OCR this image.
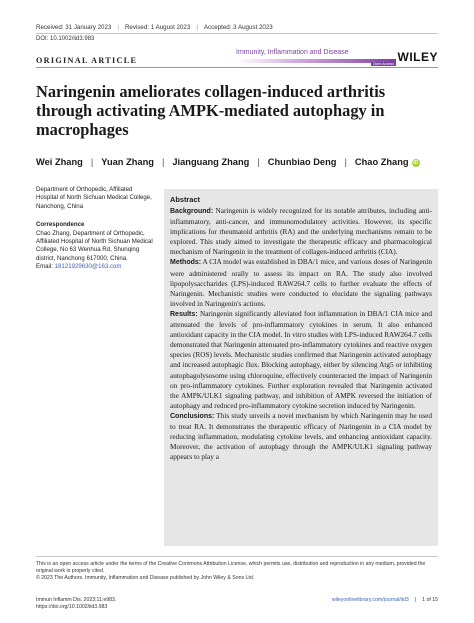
Received: 31 January 2023 | Revised: 1 August 2023 | Accepted: 3 August 2023
DOI: 10.1002/iid3.983
ORIGINAL ARTICLE
Immunity, Inflammation and Disease
Open Access WILEY
Naringenin ameliorates collagen-induced arthritis through activating AMPK-mediated autophagy in macrophages
Wei Zhang | Yuan Zhang | Jianguang Zhang | Chunbiao Deng | Chao Zhang iD
Department of Orthopedic, Affiliated Hospital of North Sichuan Medical College, Nanchong, China
Correspondence
Chao Zhang, Department of Orthopedic, Affiliated Hospital of North Sichuan Medical College, No 63 Wenhua Rd, Shunqing district, Nanchong 617000, China.
Email: 18121929630@163.com
Abstract

Background: Naringenin is widely recognized for its notable attributes, including anti-inflammatory, anti-cancer, and immunomodulatory activities. However, its specific implications for rheumatoid arthritis (RA) and the underlying mechanisms remain to be explored. This study aimed to investigate the therapeutic efficacy and pharmacological mechanism of Naringenin in the treatment of collagen-induced arthritis (CIA).

Methods: A CIA model was established in DBA/1 mice, and various doses of Naringenin were administered orally to assess its impact on RA. The study also involved lipopolysaccharides (LPS)-induced RAW264.7 cells to further evaluate the effects of Naringenin. Mechanistic studies were conducted to elucidate the signaling pathways involved in Naringenin's actions.

Results: Naringenin significantly alleviated foot inflammation in DBA/1 CIA mice and attenuated the levels of pro-inflammatory cytokines in serum. It also enhanced antioxidant capacity in the CIA model. In vitro studies with LPS-induced RAW264.7 cells demonstrated that Naringenin attenuated pro-inflammatory cytokines and reactive oxygen species (ROS) levels. Mechanistic studies confirmed that Naringenin activated autophagy and increased autophagic flux. Blocking autophagy, either by silencing Atg5 or inhibiting autophagolysosome using chloroquine, effectively counteracted the impact of Naringenin on pro-inflammatory cytokines. Further exploration revealed that Naringenin activated the AMPK/ULK1 signaling pathway, and inhibition of AMPK reversed the initiation of autophagy and reduced pro-inflammatory cytokine secretion induced by Naringenin.

Conclusions: This study unveils a novel mechanism by which Naringenin may be used to treat RA. It demonstrates the therapeutic efficacy of Naringenin in a CIA model by reducing inflammation, modulating cytokine levels, and enhancing antioxidant capacity. Moreover, the activation of autophagy through the AMPK/ULK1 signaling pathway appears to play a

This is an open access article under the terms of the Creative Commons Attribution License, which permits use, distribution and reproduction in any medium, provided the original work is properly cited.
© 2023 The Authors. Immunity, Inflammation and Disease published by John Wiley & Sons Ltd.
Immun Inflamm Dis. 2023;11:e983.
https://doi.org/10.1002/iid3.983
wileyonlinelibrary.com/journal/iid3 | 1 of 15
